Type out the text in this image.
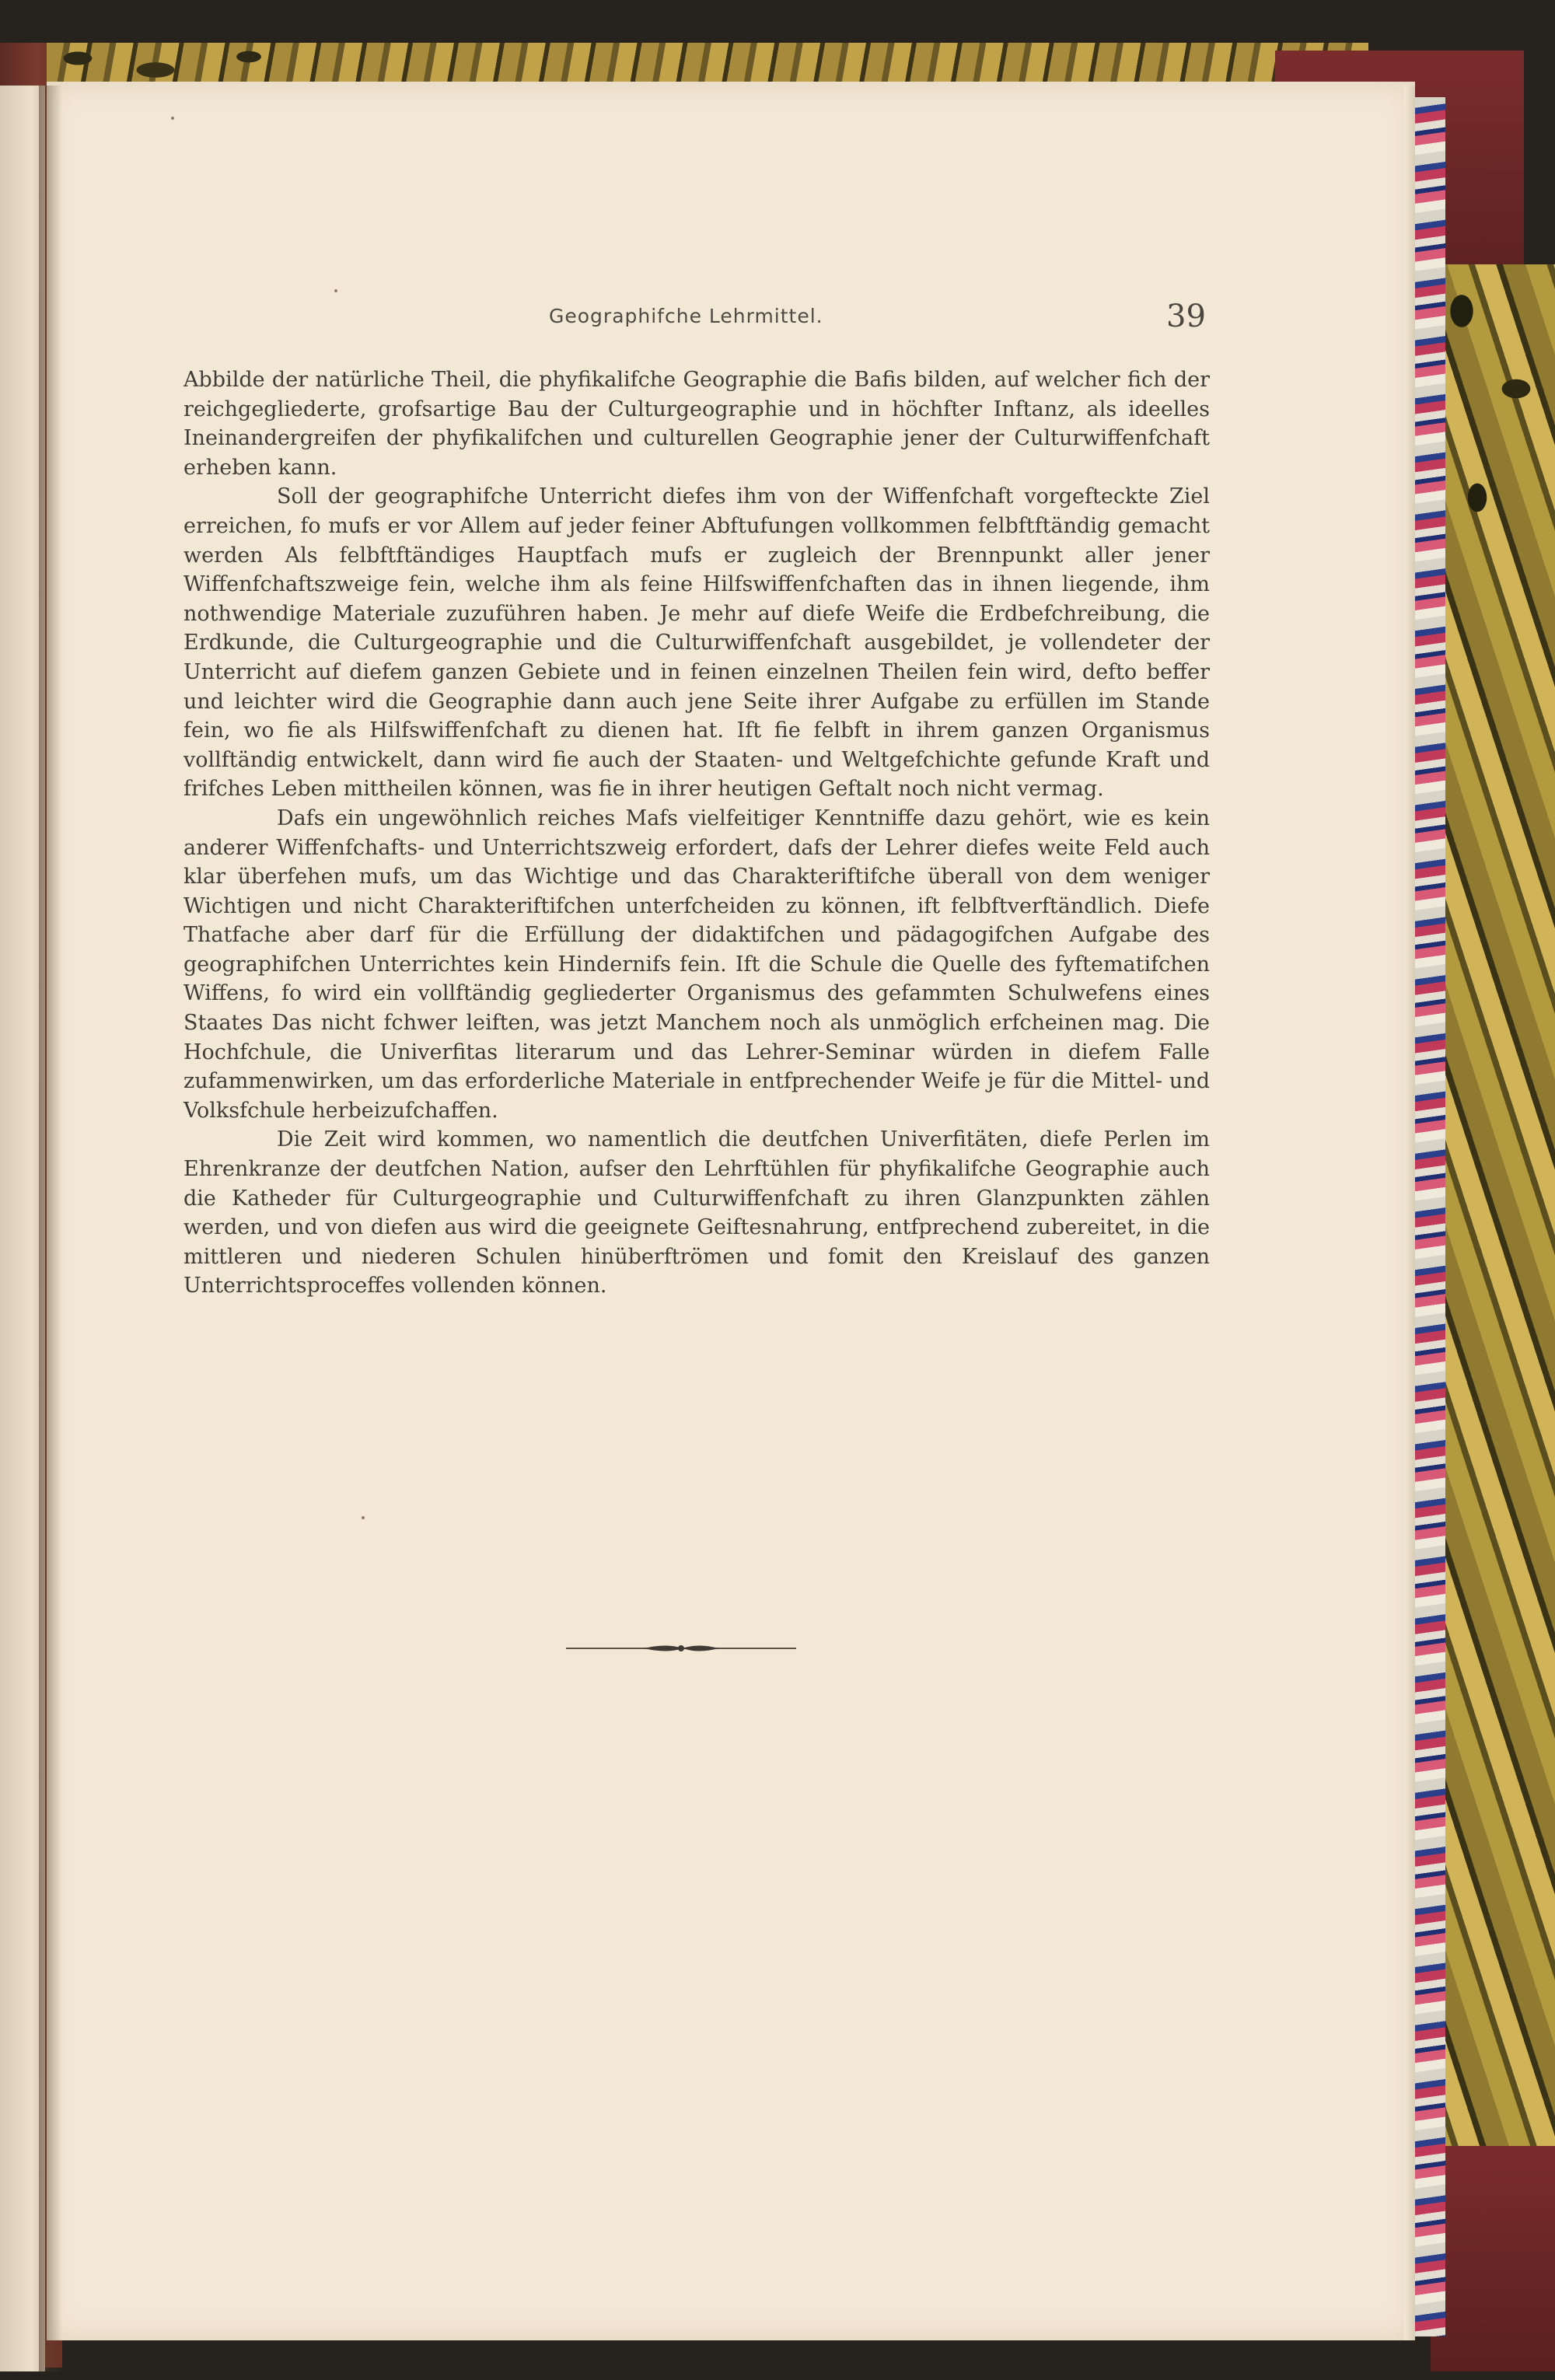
Geographifche Lehrmittel.	39

Abbilde der natürliche Theil, die phyfikalifche Geographie die Bafis bilden, auf welcher fich der reichgegliederte, grofsartige Bau der Culturgeographie und in höchfter Inftanz, als ideelles Ineinandergreifen der phyfikalifchen und culturellen Geographie jener der Culturwiffenfchaft erheben kann.

Soll der geographifche Unterricht diefes ihm von der Wiffenfchaft vorgefteckte Ziel erreichen, fo mufs er vor Allem auf jeder feiner Abftufungen vollkommen felbftftändig gemacht werden Als felbftftändiges Hauptfach mufs er zugleich der Brennpunkt aller jener Wiffenfchaftszweige fein, welche ihm als feine Hilfswiffenfchaften das in ihnen liegende, ihm nothwendige Materiale zuzuführen haben. Je mehr auf diefe Weife die Erdbefchreibung, die Erdkunde, die Culturgeographie und die Culturwiffenfchaft ausgebildet, je vollendeter der Unterricht auf diefem ganzen Gebiete und in feinen einzelnen Theilen fein wird, defto beffer und leichter wird die Geographie dann auch jene Seite ihrer Aufgabe zu erfüllen im Stande fein, wo fie als Hilfswiffenfchaft zu dienen hat. Ift fie felbft in ihrem ganzen Organismus vollftändig entwickelt, dann wird fie auch der Staaten- und Weltgefchichte gefunde Kraft und frifches Leben mittheilen können, was fie in ihrer heutigen Geftalt noch nicht vermag.

Dafs ein ungewöhnlich reiches Mafs vielfeitiger Kenntniffe dazu gehört, wie es kein anderer Wiffenfchafts- und Unterrichtszweig erfordert, dafs der Lehrer diefes weite Feld auch klar überfehen mufs, um das Wichtige und das Charakteriftifche überall von dem weniger Wichtigen und nicht Charakteriftifchen unterfcheiden zu können, ift felbftverftändlich. Diefe Thatfache aber darf für die Erfüllung der didaktifchen und pädagogifchen Aufgabe des geographifchen Unterrichtes kein Hindernifs fein. Ift die Schule die Quelle des fyftematifchen Wiffens, fo wird ein vollftändig gegliederter Organismus des gefammten Schulwefens eines Staates Das nicht fchwer leiften, was jetzt Manchem noch als unmöglich erfcheinen mag. Die Hochfchule, die Univerfitas literarum und das Lehrer-Seminar würden in diefem Falle zufammenwirken, um das erforderliche Materiale in entfprechender Weife je für die Mittel- und Volksfchule herbeizufchaffen.

Die Zeit wird kommen, wo namentlich die deutfchen Univerfitäten, diefe Perlen im Ehrenkranze der deutfchen Nation, aufser den Lehrftühlen für phyfikalifche Geographie auch die Katheder für Culturgeographie und Culturwiffenfchaft zu ihren Glanzpunkten zählen werden, und von diefen aus wird die geeignete Geiftesnahrung, entfprechend zubereitet, in die mittleren und niederen Schulen hinüberftrömen und fomit den Kreislauf des ganzen Unterrichtsproceffes vollenden können.
